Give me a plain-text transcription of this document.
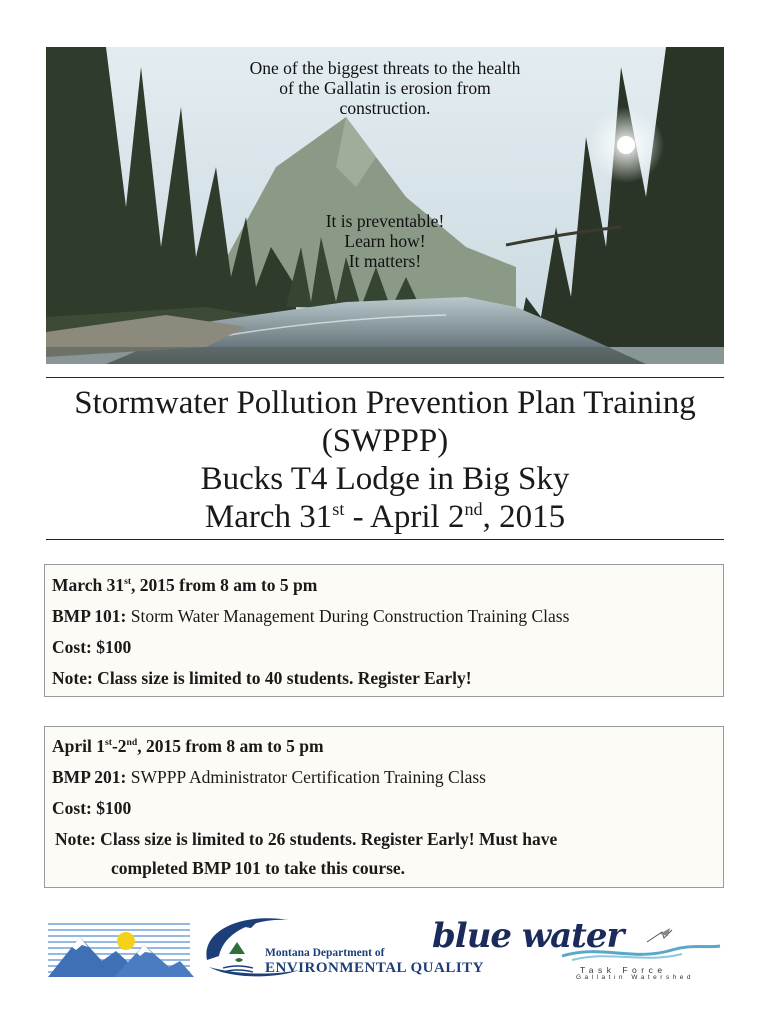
One of the biggest threats to the health
of the Gallatin is erosion from
construction.
It is preventable!
Learn how!
It matters!
Stormwater Pollution Prevention Plan Training
(SWPPP)
Bucks T4 Lodge in Big Sky
March 31st - April 2nd, 2015
March 31st, 2015 from 8 am to 5 pm
BMP 101: Storm Water Management During Construction Training Class
Cost: $100
Note: Class size is limited to 40 students. Register Early!
April 1st-2nd, 2015 from 8 am to 5 pm
BMP 201: SWPPP Administrator Certification Training Class
Cost: $100
Note: Class size is limited to 26 students. Register Early! Must have
completed BMP 101 to take this course.
Montana Department of
ENVIRONMENTAL QUALITY
blue water
Task Force
Gallatin Watershed
